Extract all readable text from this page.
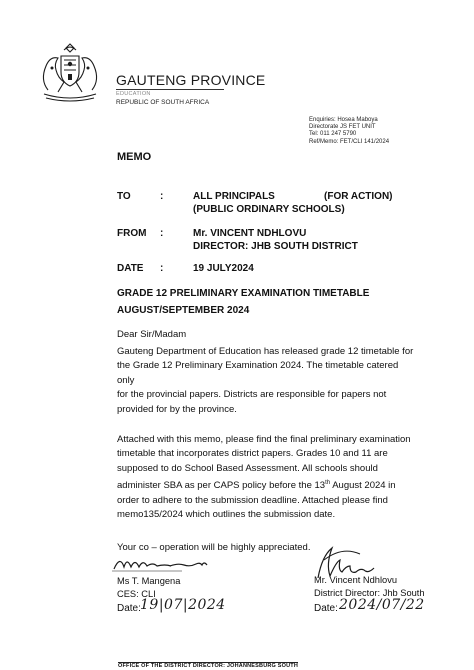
GAUTENG PROVINCE
EDUCATION
REPUBLIC OF SOUTH AFRICA
Enquiries: Hosea Maboya
Directorate JS FET UNIT
Tel: 011 247 5790
Ref/Memo: FET/CLI 141/2024
MEMO
TO	:	ALL PRINCIPALS	(FOR ACTION)
(PUBLIC ORDINARY SCHOOLS)
FROM :	Mr. VINCENT NDHLOVU
DIRECTOR: JHB SOUTH DISTRICT
DATE :	19 JULY2024
GRADE 12 PRELIMINARY EXAMINATION TIMETABLE
AUGUST/SEPTEMBER 2024
Dear Sir/Madam
Gauteng Department of Education has released grade 12 timetable for
the Grade 12 Preliminary Examination 2024. The timetable catered only
for the provincial papers. Districts are responsible for papers not
provided for by the province.
Attached with this memo, please find the final preliminary examination
timetable that incorporates district papers. Grades 10 and 11 are
supposed to do School Based Assessment. All schools should
administer SBA as per CAPS policy before the 13th August 2024 in
order to adhere to the submission deadline. Attached please find
memo135/2024 which outlines the submission date.
Your co – operation will be highly appreciated.
Ms T. Mangena
CES: CLI
Date: 19|07|2024
Mr. Vincent Ndhlovu
District Director: Jhb South
Date: 2024/07/22
OFFICE OF THE DISTRICT DIRECTOR: JOHANNESBURG SOUTH
